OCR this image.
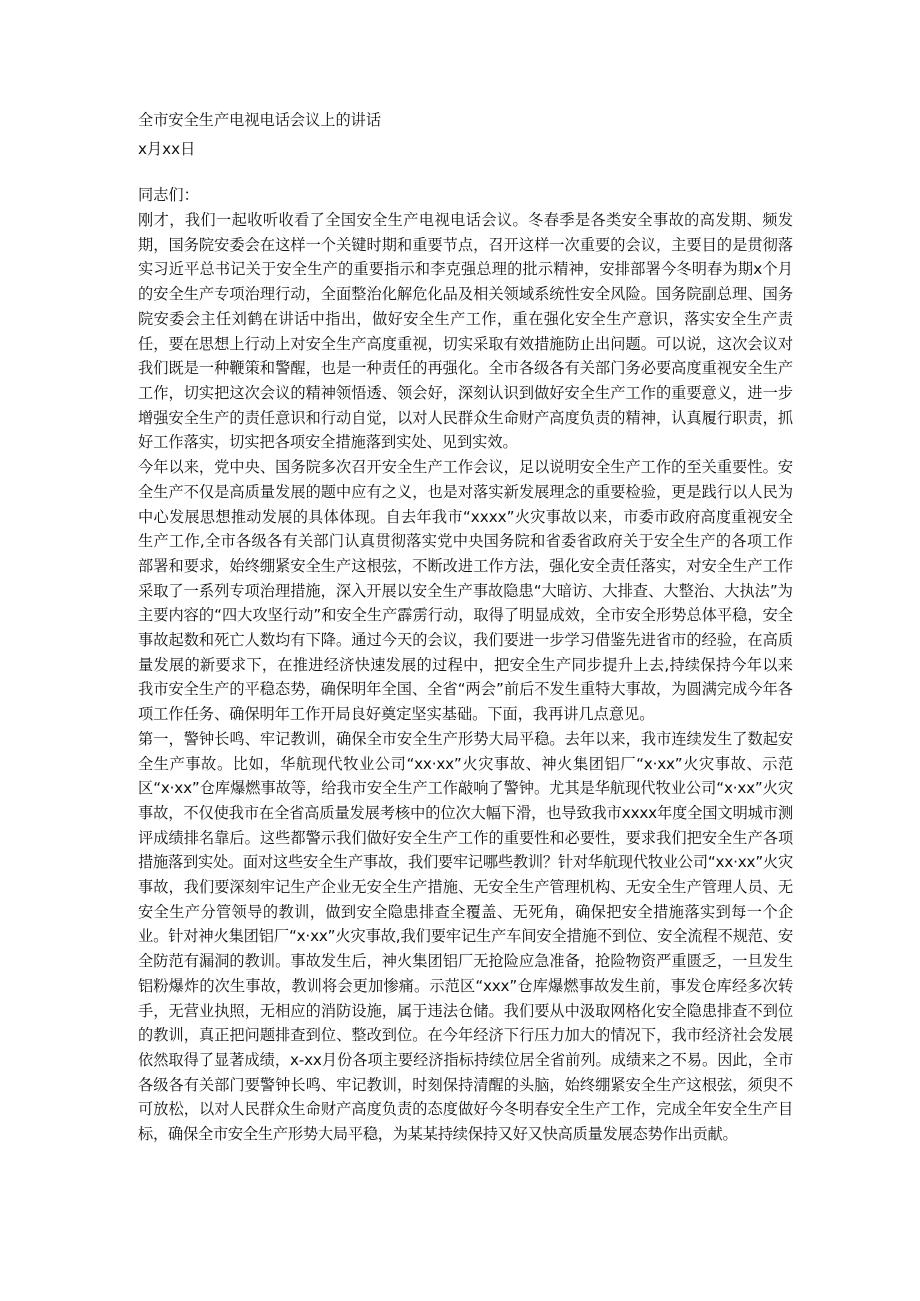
全市安全生产电视电话会议上的讲话
x月xx日
同志们：

刚才，我们一起收听收看了全国安全生产电视电话会议。冬春季是各类安全事故的高发期、频发期，国务院安委会在这样一个关键时期和重要节点，召开这样一次重要的会议，主要目的是贯彻落实习近平总书记关于安全生产的重要指示和李克强总理的批示精神，安排部署今冬明春为期x个月的安全生产专项治理行动，全面整治化解危化品及相关领域系统性安全风险。国务院副总理、国务院安委会主任刘鹤在讲话中指出，做好安全生产工作，重在强化安全生产意识，落实安全生产责任，要在思想上行动上对安全生产高度重视，切实采取有效措施防止出问题。可以说，这次会议对我们既是一种鞭策和警醒，也是一种责任的再强化。全市各级各有关部门务必要高度重视安全生产工作，切实把这次会议的精神领悟透、领会好，深刻认识到做好安全生产工作的重要意义，进一步增强安全生产的责任意识和行动自觉，以对人民群众生命财产高度负责的精神，认真履行职责，抓好工作落实，切实把各项安全措施落到实处、见到实效。

今年以来，党中央、国务院多次召开安全生产工作会议，足以说明安全生产工作的至关重要性。安全生产不仅是高质量发展的题中应有之义，也是对落实新发展理念的重要检验，更是践行以人民为中心发展思想推动发展的具体体现。自去年我市“xxxx”火灾事故以来，市委市政府高度重视安全生产工作,全市各级各有关部门认真贯彻落实党中央国务院和省委省政府关于安全生产的各项工作部署和要求，始终绷紧安全生产这根弦，不断改进工作方法，强化安全责任落实，对安全生产工作采取了一系列专项治理措施，深入开展以安全生产事故隐患“大暗访、大排查、大整治、大执法”为主要内容的“四大攻坚行动”和安全生产霹雳行动，取得了明显成效，全市安全形势总体平稳，安全事故起数和死亡人数均有下降。通过今天的会议，我们要进一步学习借鉴先进省市的经验，在高质量发展的新要求下，在推进经济快速发展的过程中，把安全生产同步提升上去,持续保持今年以来我市安全生产的平稳态势，确保明年全国、全省“两会”前后不发生重特大事故，为圆满完成今年各项工作任务、确保明年工作开局良好奠定坚实基础。下面，我再讲几点意见。

第一，警钟长鸣、牢记教训，确保全市安全生产形势大局平稳。去年以来，我市连续发生了数起安全生产事故。比如，华航现代牧业公司“xx·xx”火灾事故、神火集团铝厂“x·xx”火灾事故、示范区“x·xx”仓库爆燃事故等，给我市安全生产工作敲响了警钟。尤其是华航现代牧业公司“x·xx”火灾事故，不仅使我市在全省高质量发展考核中的位次大幅下滑，也导致我市xxxx年度全国文明城市测评成绩排名靠后。这些都警示我们做好安全生产工作的重要性和必要性，要求我们把安全生产各项措施落到实处。面对这些安全生产事故，我们要牢记哪些教训？针对华航现代牧业公司“xx·xx”火灾事故，我们要深刻牢记生产企业无安全生产措施、无安全生产管理机构、无安全生产管理人员、无安全生产分管领导的教训，做到安全隐患排查全覆盖、无死角，确保把安全措施落实到每一个企业。针对神火集团铝厂“x·xx”火灾事故,我们要牢记生产车间安全措施不到位、安全流程不规范、安全防范有漏洞的教训。事故发生后，神火集团铝厂无抢险应急准备，抢险物资严重匮乏，一旦发生铝粉爆炸的次生事故，教训将会更加惨痛。示范区“xxx”仓库爆燃事故发生前，事发仓库经多次转手，无营业执照，无相应的消防设施，属于违法仓储。我们要从中汲取网格化安全隐患排查不到位的教训，真正把问题排查到位、整改到位。在今年经济下行压力加大的情况下，我市经济社会发展依然取得了显著成绩，x-xx月份各项主要经济指标持续位居全省前列。成绩来之不易。因此，全市各级各有关部门要警钟长鸣、牢记教训，时刻保持清醒的头脑，始终绷紧安全生产这根弦，须臾不可放松，以对人民群众生命财产高度负责的态度做好今冬明春安全生产工作，完成全年安全生产目标，确保全市安全生产形势大局平稳，为某某持续保持又好又快高质量发展态势作出贡献。
